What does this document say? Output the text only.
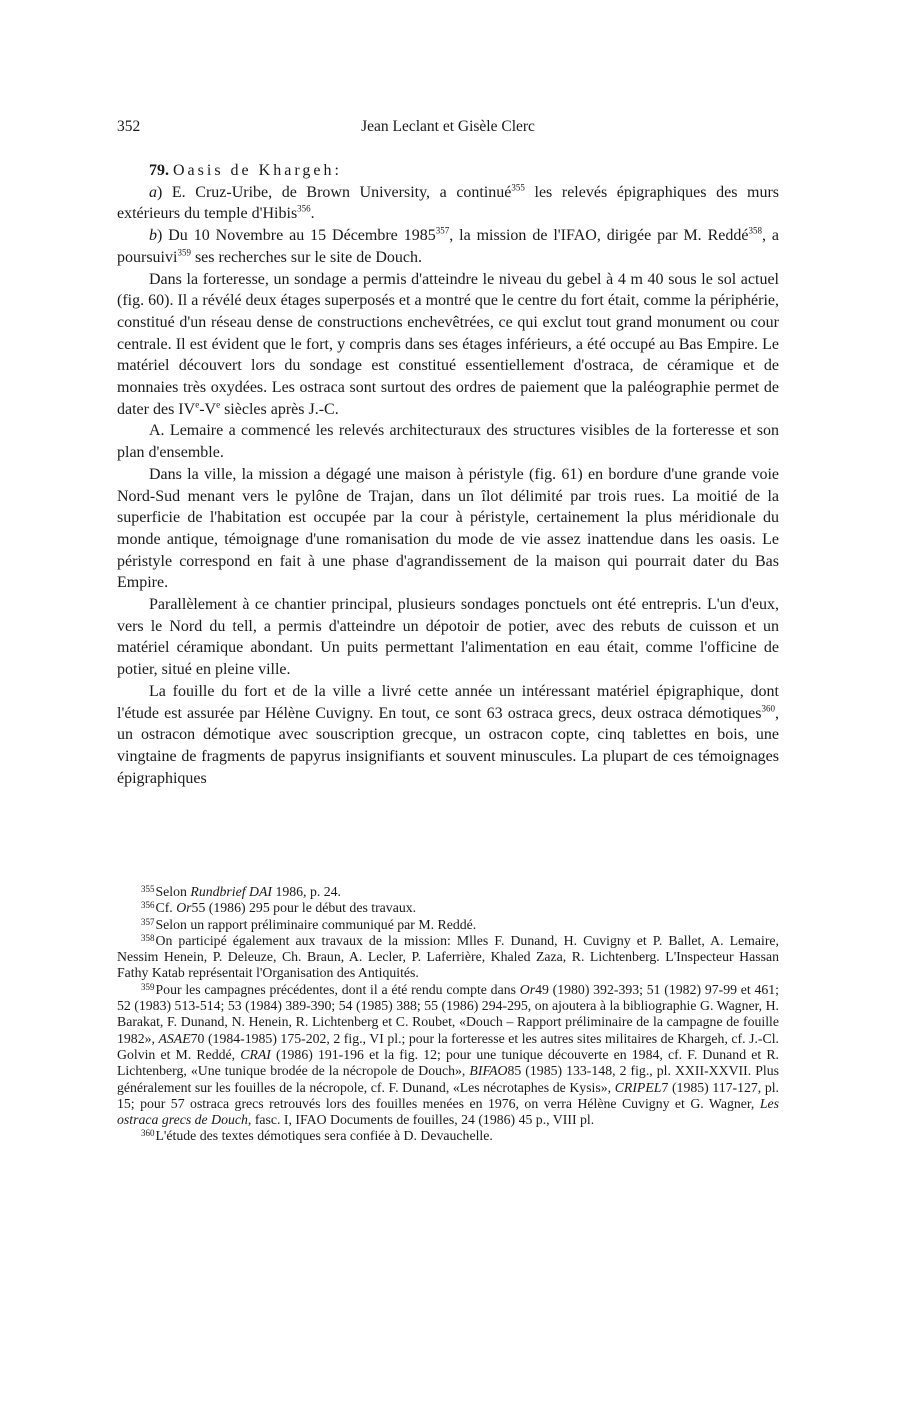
352	Jean Leclant et Gisèle Clerc
79. Oasis de Khargeh:

a) E. Cruz-Uribe, de Brown University, a continué$^{355}$ les relevés épigraphiques des murs extérieurs du temple d'Hibis$^{356}$.

b) Du 10 Novembre au 15 Décembre 1985$^{357}$, la mission de l'IFAO, dirigée par M. Reddé$^{358}$, a poursuivi$^{359}$ ses recherches sur le site de Douch.

Dans la forteresse, un sondage a permis d'atteindre le niveau du gebel à 4 m 40 sous le sol actuel (fig. 60). Il a révélé deux étages superposés et a montré que le centre du fort était, comme la périphérie, constitué d'un réseau dense de constructions enchevêtrées, ce qui exclut tout grand monument ou cour centrale. Il est évident que le fort, y compris dans ses étages inférieurs, a été occupé au Bas Empire. Le matériel découvert lors du sondage est constitué essentiellement d'ostraca, de céramique et de monnaies très oxydées. Les ostraca sont surtout des ordres de paiement que la paléographie permet de dater des IVe-Ve siècles après J.-C.

A. Lemaire a commencé les relevés architecturaux des structures visibles de la forteresse et son plan d'ensemble.

Dans la ville, la mission a dégagé une maison à péristyle (fig. 61) en bordure d'une grande voie Nord-Sud menant vers le pylône de Trajan, dans un îlot délimité par trois rues. La moitié de la superficie de l'habitation est occupée par la cour à péristyle, certainement la plus méridionale du monde antique, témoignage d'une romanisation du mode de vie assez inattendue dans les oasis. Le péristyle correspond en fait à une phase d'agrandissement de la maison qui pourrait dater du Bas Empire.

Parallèlement à ce chantier principal, plusieurs sondages ponctuels ont été entrepris. L'un d'eux, vers le Nord du tell, a permis d'atteindre un dépotoir de potier, avec des rebuts de cuisson et un matériel céramique abondant. Un puits permettant l'alimentation en eau était, comme l'officine de potier, situé en pleine ville.

La fouille du fort et de la ville a livré cette année un intéressant matériel épigraphique, dont l'étude est assurée par Hélène Cuvigny. En tout, ce sont 63 ostraca grecs, deux ostraca démotiques$^{360}$, un ostracon démotique avec souscription grecque, un ostracon copte, cinq tablettes en bois, une vingtaine de fragments de papyrus insignifiants et souvent minuscules. La plupart de ces témoignages épigraphiques

$^{355}$Selon Rundbrief DAI 1986, p. 24.

$^{356}$Cf. Or55 (1986) 295 pour le début des travaux.

$^{357}$Selon un rapport préliminaire communiqué par M. Reddé.

$^{358}$On participé également aux travaux de la mission: Mlles F. Dunand, H. Cuvigny et P. Ballet, A. Lemaire, Nessim Henein, P. Deleuze, Ch. Braun, A. Lecler, P. Laferrière, Khaled Zaza, R. Lichtenberg. L'Inspecteur Hassan Fathy Katab représentait l'Organisation des Antiquités.

$^{359}$Pour les campagnes précédentes, dont il a été rendu compte dans Or49 (1980) 392-393; 51 (1982) 97-99 et 461; 52 (1983) 513-514; 53 (1984) 389-390; 54 (1985) 388; 55 (1986) 294-295, on ajoutera à la bibliographie G. Wagner, H. Barakat, F. Dunand, N. Henein, R. Lichtenberg et C. Roubet, «Douch – Rapport préliminaire de la campagne de fouille 1982», ASAE70 (1984-1985) 175-202, 2 fig., VI pl.; pour la forteresse et les autres sites militaires de Khargeh, cf. J.-Cl. Golvin et M. Reddé, CRAI (1986) 191-196 et la fig. 12; pour une tunique découverte en 1984, cf. F. Dunand et R. Lichtenberg, «Une tunique brodée de la nécropole de Douch», BIFAO85 (1985) 133-148, 2 fig., pl. XXII-XXVII. Plus généralement sur les fouilles de la nécropole, cf. F. Dunand, «Les nécrotaphes de Kysis», CRIPEL7 (1985) 117-127, pl. 15; pour 57 ostraca grecs retrouvés lors des fouilles menées en 1976, on verra Hélène Cuvigny et G. Wagner, Les ostraca grecs de Douch, fasc. I, IFAO Documents de fouilles, 24 (1986) 45 p., VIII pl.

$^{360}$L'étude des textes démotiques sera confiée à D. Devauchelle.
